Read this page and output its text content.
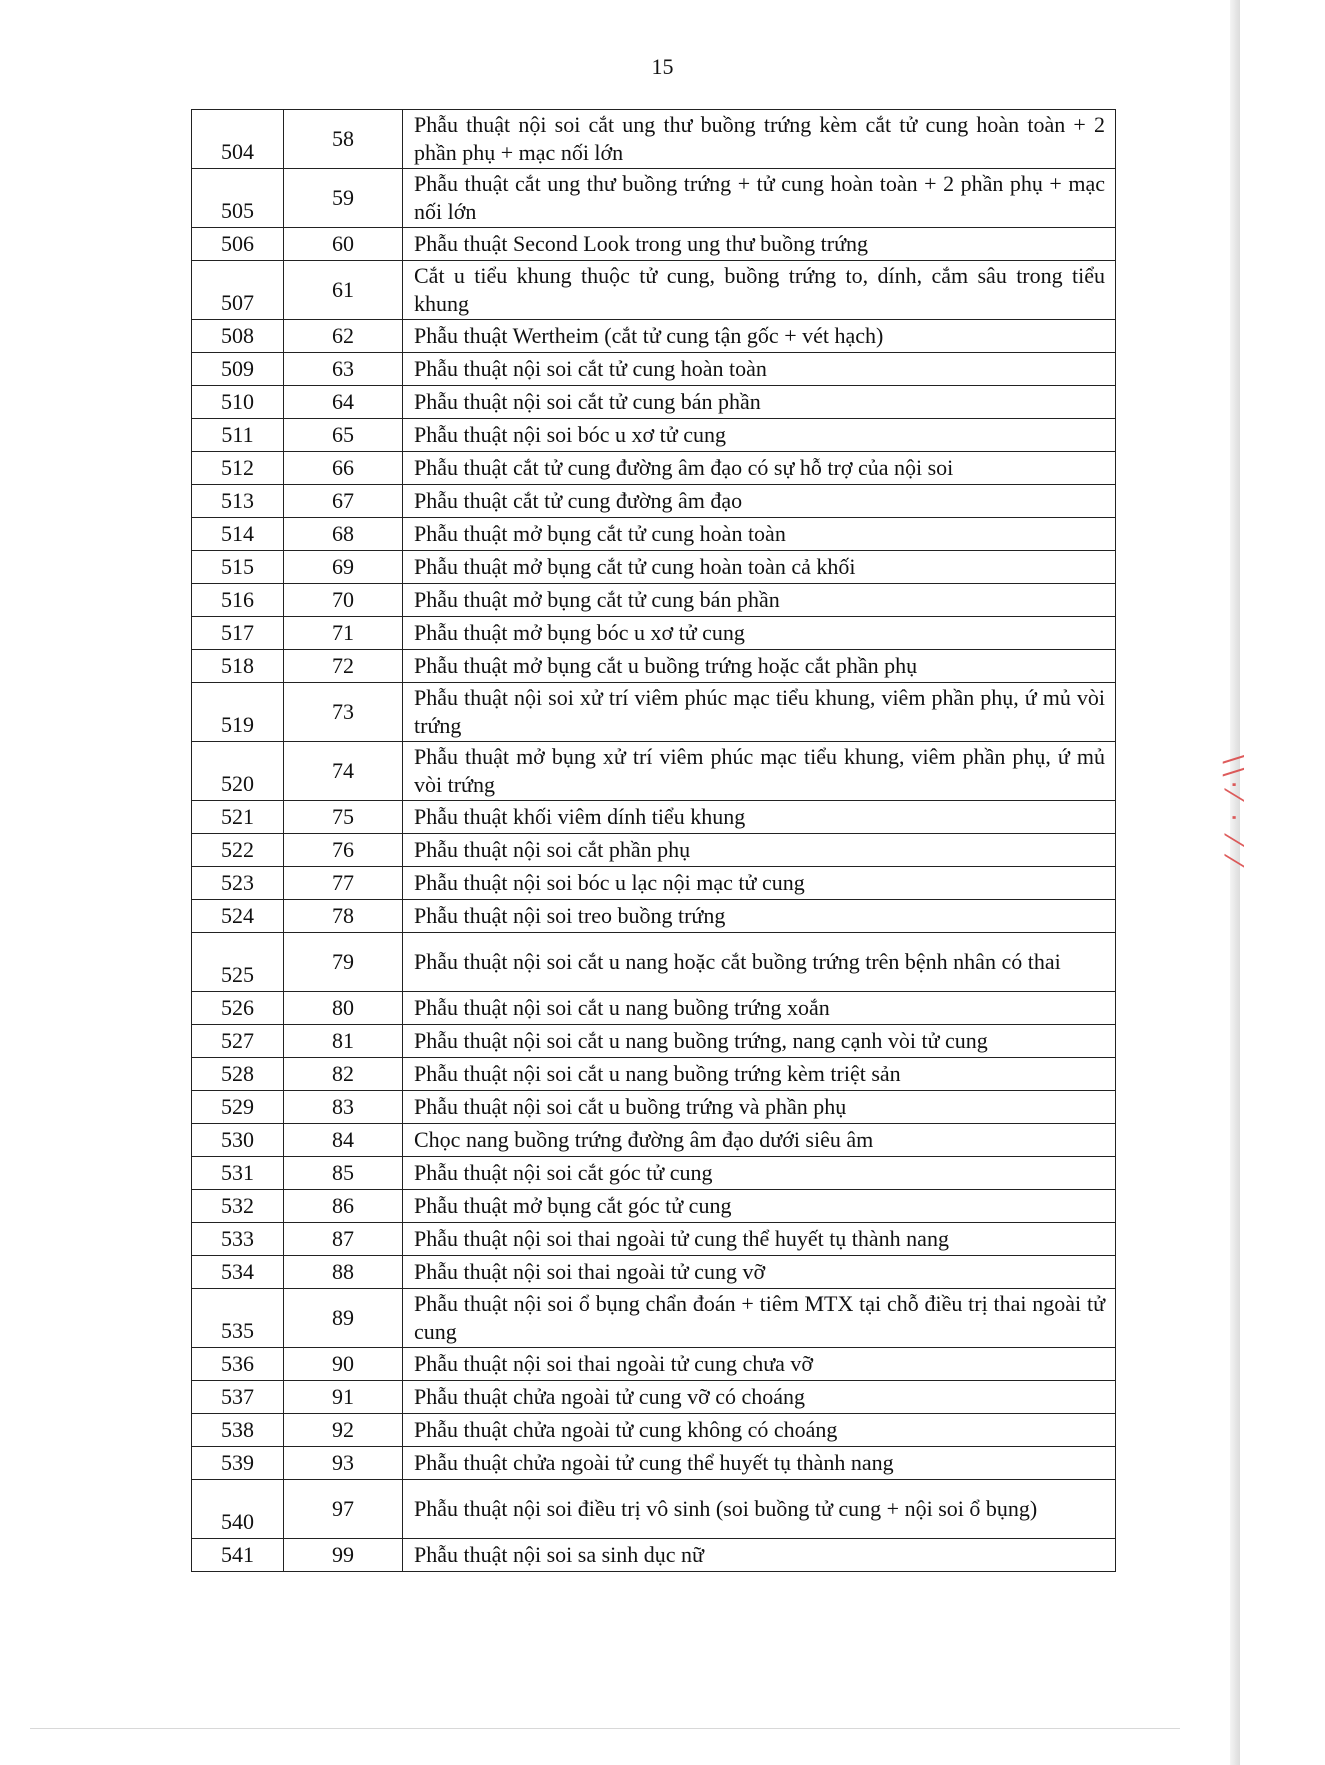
15
504	58	Phẫu thuật nội soi cắt ung thư buồng trứng kèm cắt tử cung hoàn toàn + 2 phần phụ + mạc nối lớn
505	59	Phẫu thuật cắt ung thư buồng trứng + tử cung hoàn toàn + 2 phần phụ + mạc nối lớn
506	60	Phẫu thuật Second Look trong ung thư buồng trứng
507	61	Cắt u tiểu khung thuộc tử cung, buồng trứng to, dính, cắm sâu trong tiểu khung
508	62	Phẫu thuật Wertheim (cắt tử cung tận gốc + vét hạch)
509	63	Phẫu thuật nội soi cắt tử cung hoàn toàn
510	64	Phẫu thuật nội soi cắt tử cung bán phần
511	65	Phẫu thuật nội soi bóc u xơ tử cung
512	66	Phẫu thuật cắt tử cung đường âm đạo có sự hỗ trợ của nội soi
513	67	Phẫu thuật cắt tử cung đường âm đạo
514	68	Phẫu thuật mở bụng cắt tử cung hoàn toàn
515	69	Phẫu thuật mở bụng cắt tử cung hoàn toàn cả khối
516	70	Phẫu thuật mở bụng cắt tử cung bán phần
517	71	Phẫu thuật mở bụng bóc u xơ tử cung
518	72	Phẫu thuật mở bụng cắt u buồng trứng hoặc cắt phần phụ
519	73	Phẫu thuật nội soi xử trí viêm phúc mạc tiểu khung, viêm phần phụ, ứ mủ vòi trứng
520	74	Phẫu thuật mở bụng xử trí viêm phúc mạc tiểu khung, viêm phần phụ, ứ mủ vòi trứng
521	75	Phẫu thuật khối viêm dính tiểu khung
522	76	Phẫu thuật nội soi cắt phần phụ
523	77	Phẫu thuật nội soi bóc u lạc nội mạc tử cung
524	78	Phẫu thuật nội soi treo buồng trứng
525	79	Phẫu thuật nội soi cắt u nang hoặc cắt buồng trứng trên bệnh nhân có thai
526	80	Phẫu thuật nội soi cắt u nang buồng trứng xoắn
527	81	Phẫu thuật nội soi cắt u nang buồng trứng, nang cạnh vòi tử cung
528	82	Phẫu thuật nội soi cắt u nang buồng trứng kèm triệt sản
529	83	Phẫu thuật nội soi cắt u buồng trứng và phần phụ
530	84	Chọc nang buồng trứng đường âm đạo dưới siêu âm
531	85	Phẫu thuật nội soi cắt góc tử cung
532	86	Phẫu thuật mở bụng cắt góc tử cung
533	87	Phẫu thuật nội soi thai ngoài tử cung thể huyết tụ thành nang
534	88	Phẫu thuật nội soi thai ngoài tử cung vỡ
535	89	Phẫu thuật nội soi ổ bụng chẩn đoán + tiêm MTX tại chỗ điều trị thai ngoài tử cung
536	90	Phẫu thuật nội soi thai ngoài tử cung chưa vỡ
537	91	Phẫu thuật chửa ngoài tử cung vỡ có choáng
538	92	Phẫu thuật chửa ngoài tử cung không có choáng
539	93	Phẫu thuật chửa ngoài tử cung thể huyết tụ thành nang
540	97	Phẫu thuật nội soi điều trị vô sinh (soi buồng tử cung + nội soi ổ bụng)
541	99	Phẫu thuật nội soi sa sinh dục nữ
\\·⁄ · ⁄ ⁄
